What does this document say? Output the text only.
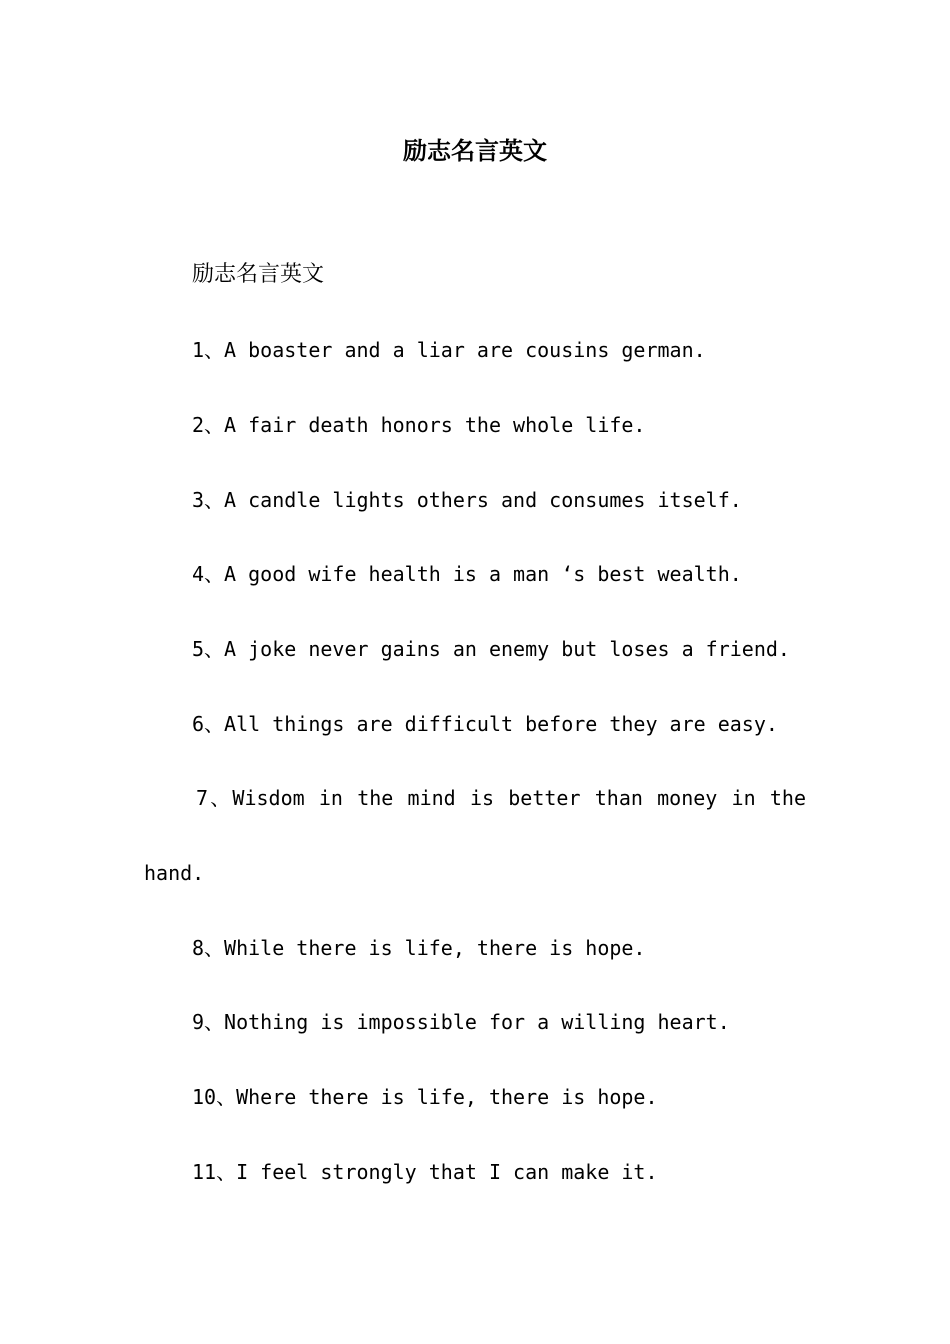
励志名言英文
励志名言英文
1、A boaster and a liar are cousins german.
2、A fair death honors the whole life.
3、A candle lights others and consumes itself.
4、A good wife health is a man ‘s best wealth.
5、A joke never gains an enemy but loses a friend.
6、All things are difficult before they are easy.
7、Wisdom in the mind is better than money in the
hand.
8、While there is life, there is hope.
9、Nothing is impossible for a willing heart.
10、Where there is life, there is hope.
11、I feel strongly that I can make it.
